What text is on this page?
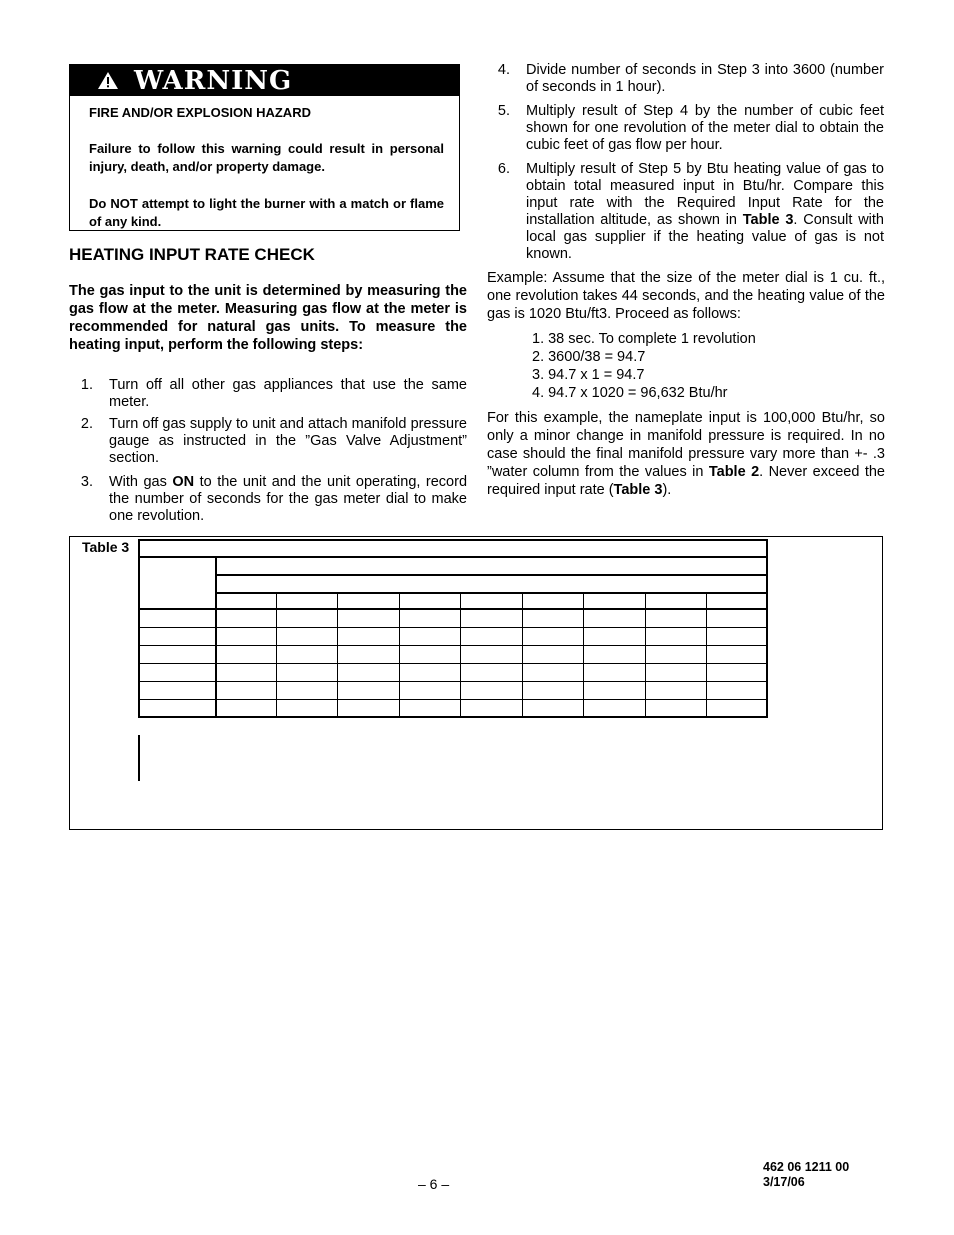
WARNING
FIRE AND/OR EXPLOSION HAZARD
Failure to follow this warning could result in personal injury, death, and/or property damage.
Do NOT attempt to light the burner with a match or flame of any kind.
HEATING INPUT RATE CHECK
The gas input to the unit is determined by measuring the gas flow at the meter. Measuring gas flow at the meter is recommended for natural gas units. To measure the heating input, perform the following steps:
1. Turn off all other gas appliances that use the same meter.
2. Turn off gas supply to unit and attach manifold pressure gauge as instructed in the ”Gas Valve Adjustment” section.
3. With gas ON to the unit and the unit operating, record the number of seconds for the gas meter dial to make one revolution.
4. Divide number of seconds in Step 3 into 3600 (number of seconds in 1 hour).
5. Multiply result of Step 4 by the number of cubic feet shown for one revolution of the meter dial to obtain the cubic feet of gas flow per hour.
6. Multiply result of Step 5 by Btu heating value of gas to obtain total measured input in Btu/hr. Compare this input rate with the Required Input Rate for the installation altitude, as shown in Table 3. Consult with local gas supplier if the heating value of gas is not known.
Example: Assume that the size of the meter dial is 1 cu. ft., one revolution takes 44 seconds, and the heating value of the gas is 1020 Btu/ft3. Proceed as follows:
1. 38 sec. To complete 1 revolution
2. 3600/38 = 94.7
3. 94.7 x 1 = 94.7
4. 94.7 x 1020 = 96,632 Btu/hr
For this example, the nameplate input is 100,000 Btu/hr, so only a minor change in manifold pressure is required. In no case should the final manifold pressure vary more than +- .3 ”water column from the values in Table 2. Never exceed the required input rate (Table 3).
Table 3
– 6 –
462 06 1211 00
3/17/06
